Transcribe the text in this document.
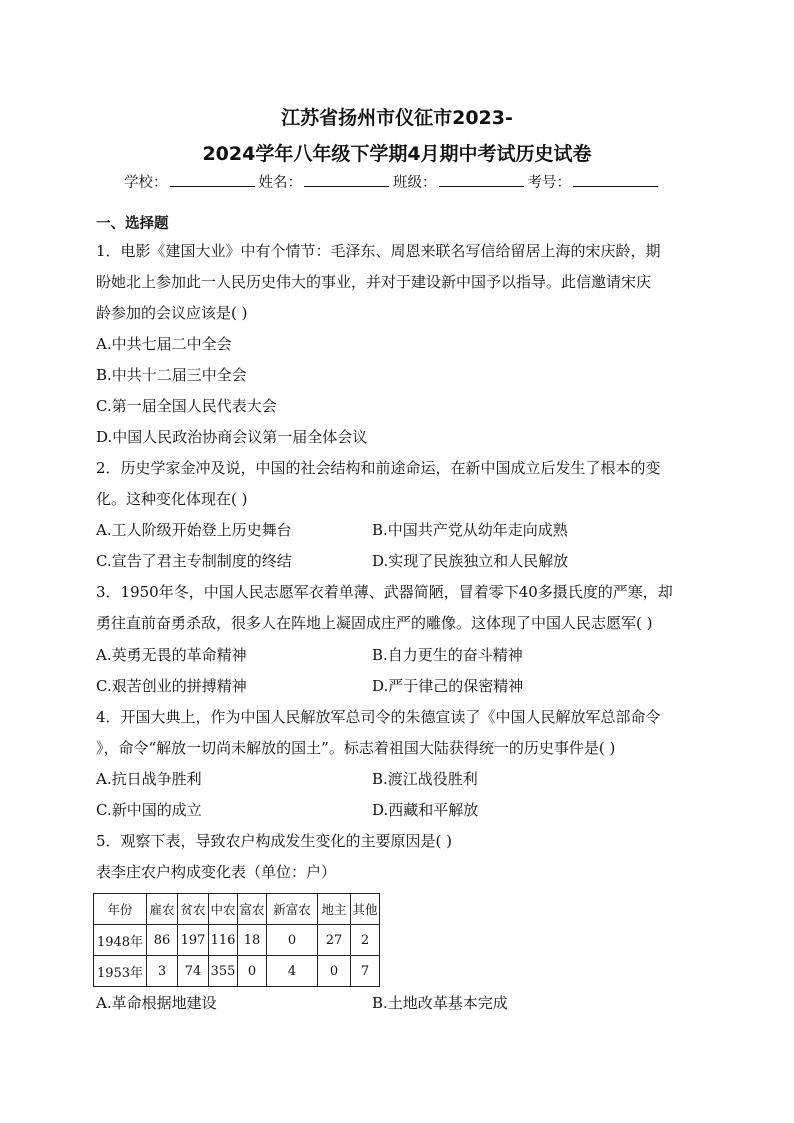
江苏省扬州市仪征市2023-
2024学年八年级下学期4月期中考试历史试卷
学校：	姓名：	班级：	考号：
一、选择题
1．电影《建国大业》中有个情节：毛泽东、周恩来联名写信给留居上海的宋庆龄，期
盼她北上参加此一人民历史伟大的事业，并对于建设新中国予以指导。此信邀请宋庆
龄参加的会议应该是( )
A.中共七届二中全会
B.中共十二届三中全会
C.第一届全国人民代表大会
D.中国人民政治协商会议第一届全体会议
2．历史学家金冲及说，中国的社会结构和前途命运，在新中国成立后发生了根本的变
化。这种变化体现在( )
A.工人阶级开始登上历史舞台	B.中国共产党从幼年走向成熟
C.宣告了君主专制制度的终结	D.实现了民族独立和人民解放
3．1950年冬，中国人民志愿军衣着单薄、武器简陋，冒着零下40多摄氏度的严寒，却
勇往直前奋勇杀敌，很多人在阵地上凝固成庄严的雕像。这体现了中国人民志愿军( )
A.英勇无畏的革命精神	B.自力更生的奋斗精神
C.艰苦创业的拼搏精神	D.严于律己的保密精神
4．开国大典上，作为中国人民解放军总司令的朱德宣读了《中国人民解放军总部命令
》，命令“解放一切尚未解放的国土”。标志着祖国大陆获得统一的历史事件是( )
A.抗日战争胜利	B.渡江战役胜利
C.新中国的成立	D.西藏和平解放
5．观察下表，导致农户构成发生变化的主要原因是( )
表李庄农户构成变化表（单位：户）
年份	雇农	贫农	中农	富农	新富农	地主	其他
1948年	86	197	116	18	0	27	2
1953年	3	74	355	0	4	0	7
A.革命根据地建设	B.土地改革基本完成
